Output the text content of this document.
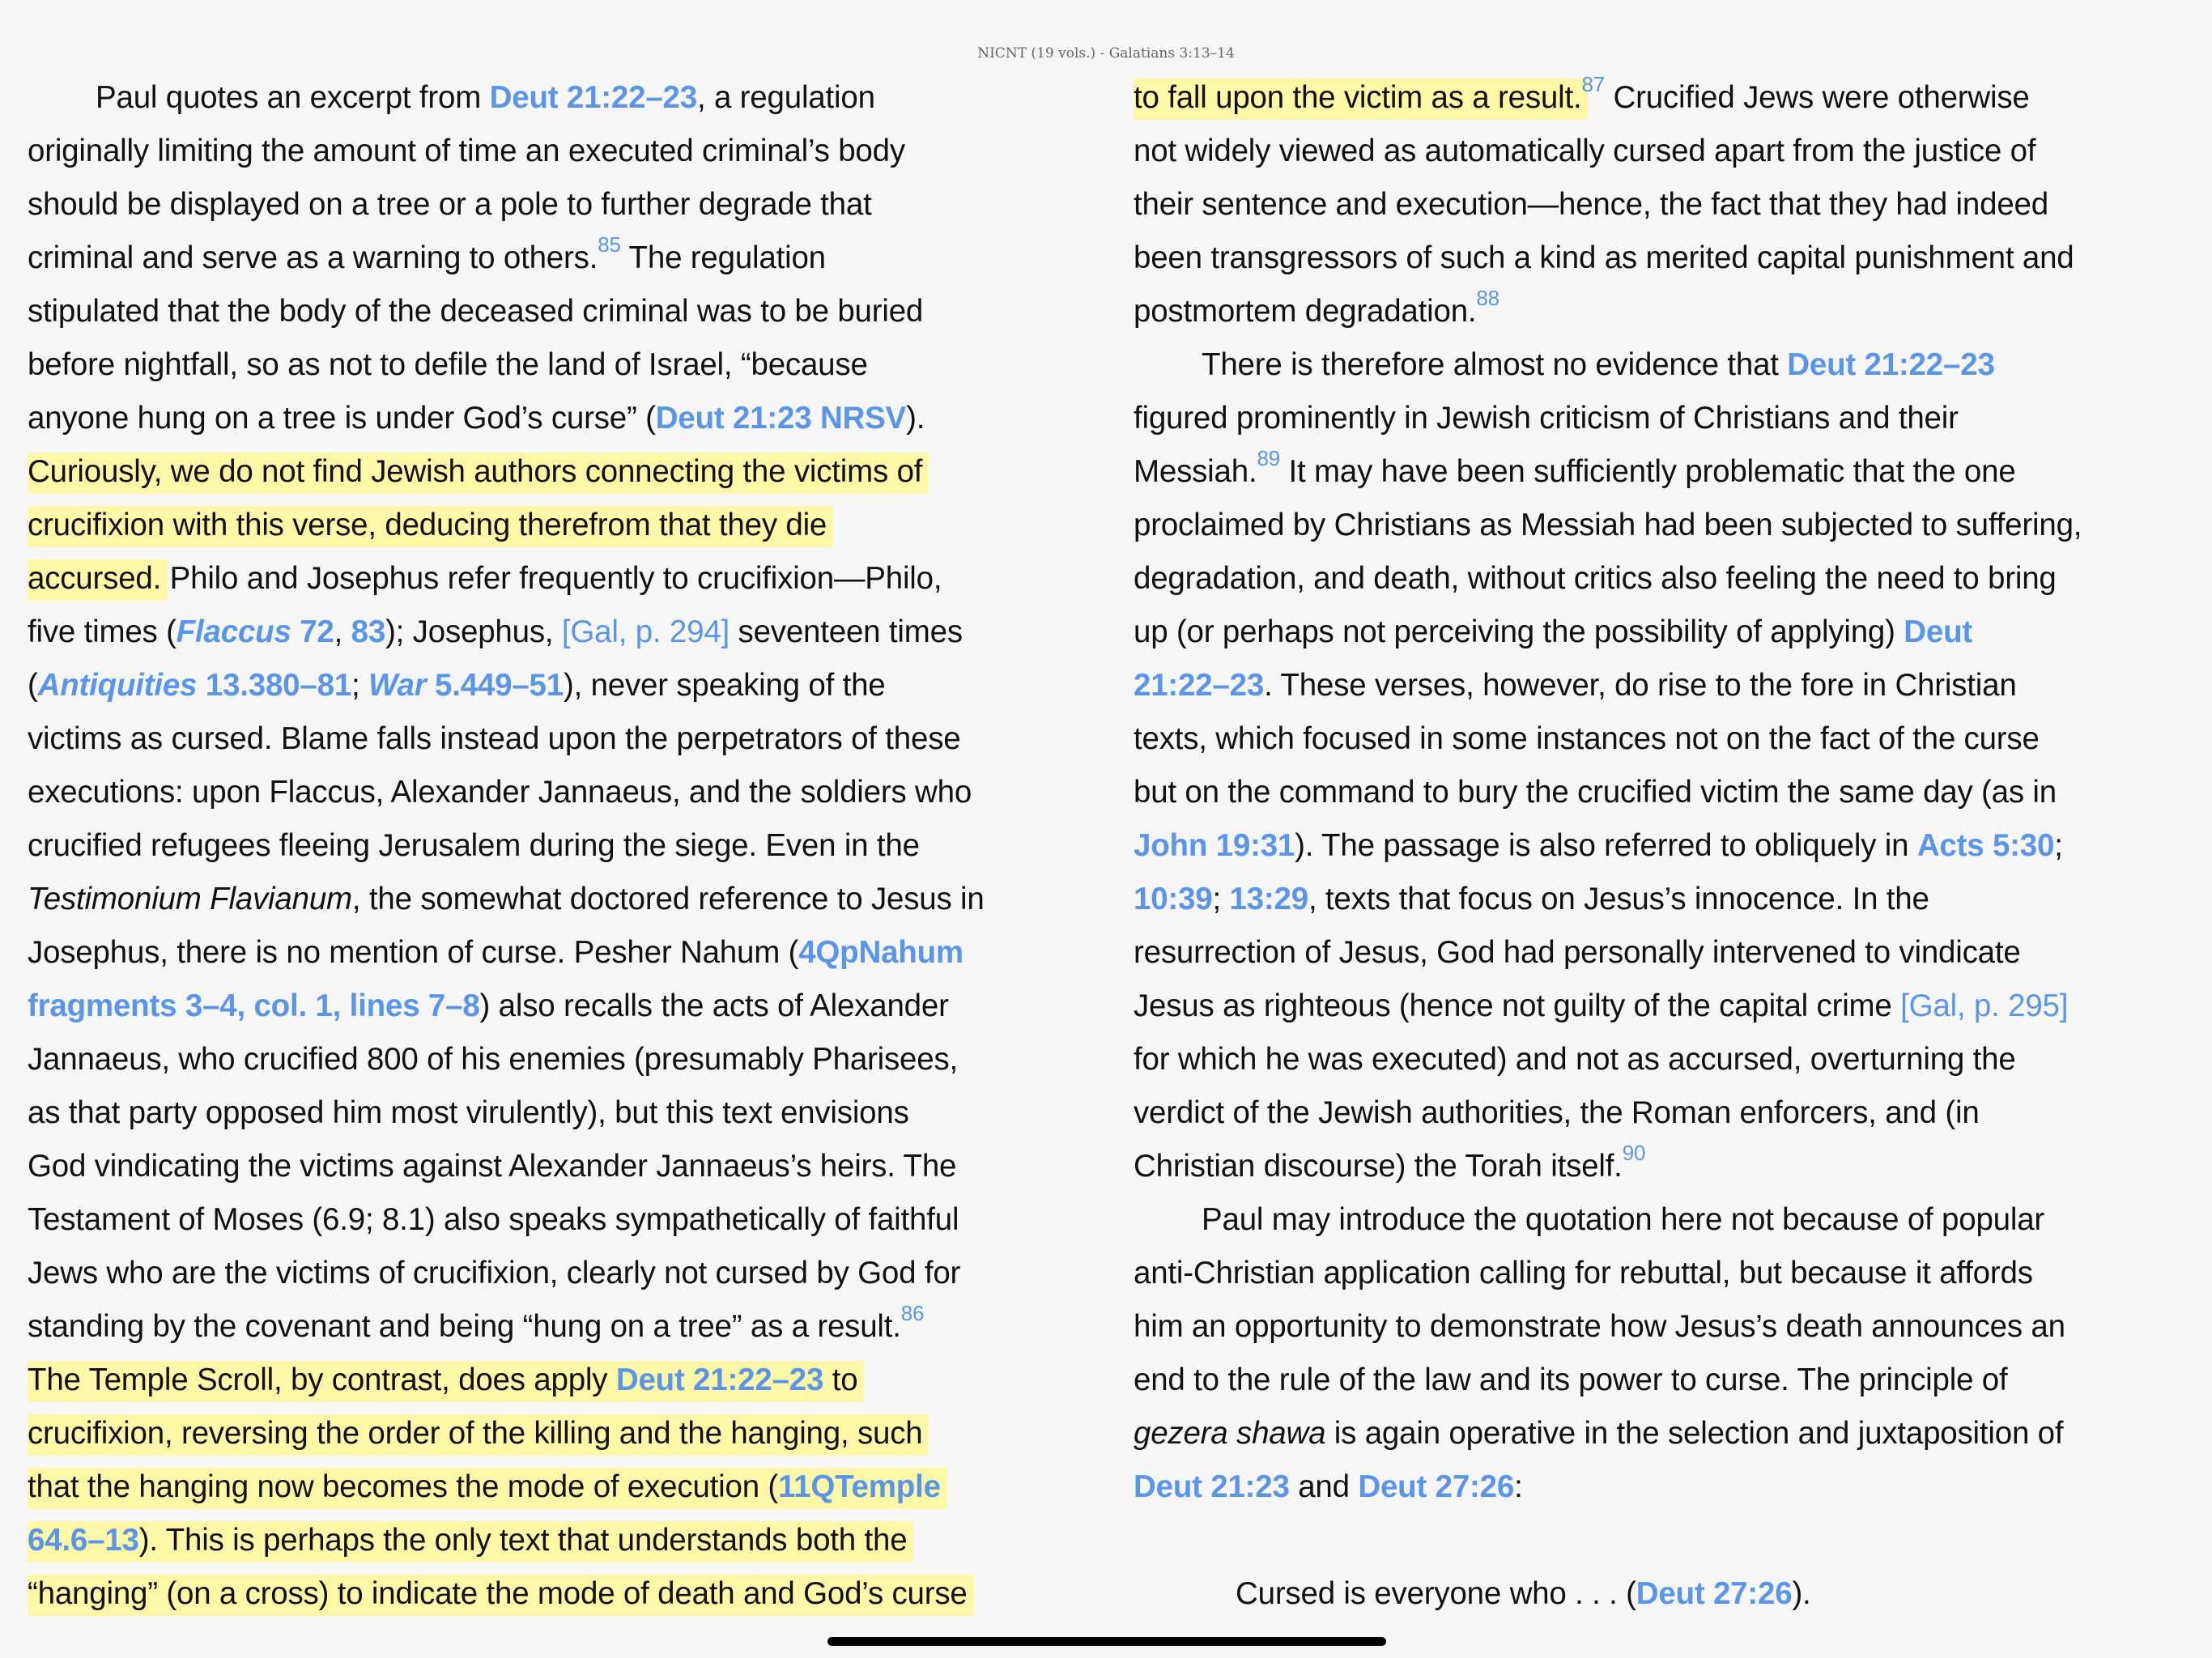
NICNT (19 vols.) - Galatians 3:13–14
Paul quotes an excerpt from Deut 21:22–23, a regulation
originally limiting the amount of time an executed criminal’s body
should be displayed on a tree or a pole to further degrade that
criminal and serve as a warning to others.$^{85}$ The regulation
stipulated that the body of the deceased criminal was to be buried
before nightfall, so as not to defile the land of Israel, “because
anyone hung on a tree is under God’s curse” (Deut 21:23 NRSV).
Curiously, we do not find Jewish authors connecting the victims of
crucifixion with this verse, deducing therefrom that they die
accursed. Philo and Josephus refer frequently to crucifixion—Philo,
five times (Flaccus 72, 83); Josephus, [Gal, p. 294] seventeen times
(Antiquities 13.380–81; War 5.449–51), never speaking of the
victims as cursed. Blame falls instead upon the perpetrators of these
executions: upon Flaccus, Alexander Jannaeus, and the soldiers who
crucified refugees fleeing Jerusalem during the siege. Even in the
Testimonium Flavianum, the somewhat doctored reference to Jesus in
Josephus, there is no mention of curse. Pesher Nahum (4QpNahum
fragments 3–4, col. 1, lines 7–8) also recalls the acts of Alexander
Jannaeus, who crucified 800 of his enemies (presumably Pharisees,
as that party opposed him most virulently), but this text envisions
God vindicating the victims against Alexander Jannaeus’s heirs. The
Testament of Moses (6.9; 8.1) also speaks sympathetically of faithful
Jews who are the victims of crucifixion, clearly not cursed by God for
standing by the covenant and being “hung on a tree” as a result.$^{86}$
The Temple Scroll, by contrast, does apply Deut 21:22–23 to
crucifixion, reversing the order of the killing and the hanging, such
that the hanging now becomes the mode of execution (11QTemple
64.6–13). This is perhaps the only text that understands both the
“hanging” (on a cross) to indicate the mode of death and God’s curse
to fall upon the victim as a result.$^{87}$ Crucified Jews were otherwise
not widely viewed as automatically cursed apart from the justice of
their sentence and execution—hence, the fact that they had indeed
been transgressors of such a kind as merited capital punishment and
postmortem degradation.$^{88}$
There is therefore almost no evidence that Deut 21:22–23
figured prominently in Jewish criticism of Christians and their
Messiah.$^{89}$ It may have been sufficiently problematic that the one
proclaimed by Christians as Messiah had been subjected to suffering,
degradation, and death, without critics also feeling the need to bring
up (or perhaps not perceiving the possibility of applying) Deut
21:22–23. These verses, however, do rise to the fore in Christian
texts, which focused in some instances not on the fact of the curse
but on the command to bury the crucified victim the same day (as in
John 19:31). The passage is also referred to obliquely in Acts 5:30;
10:39; 13:29, texts that focus on Jesus’s innocence. In the
resurrection of Jesus, God had personally intervened to vindicate
Jesus as righteous (hence not guilty of the capital crime [Gal, p. 295]
for which he was executed) and not as accursed, overturning the
verdict of the Jewish authorities, the Roman enforcers, and (in
Christian discourse) the Torah itself.$^{90}$
Paul may introduce the quotation here not because of popular
anti-Christian application calling for rebuttal, but because it affords
him an opportunity to demonstrate how Jesus’s death announces an
end to the rule of the law and its power to curse. The principle of
gezera shawa is again operative in the selection and juxtaposition of
Deut 21:23 and Deut 27:26:
Cursed is everyone who . . . (Deut 27:26).
